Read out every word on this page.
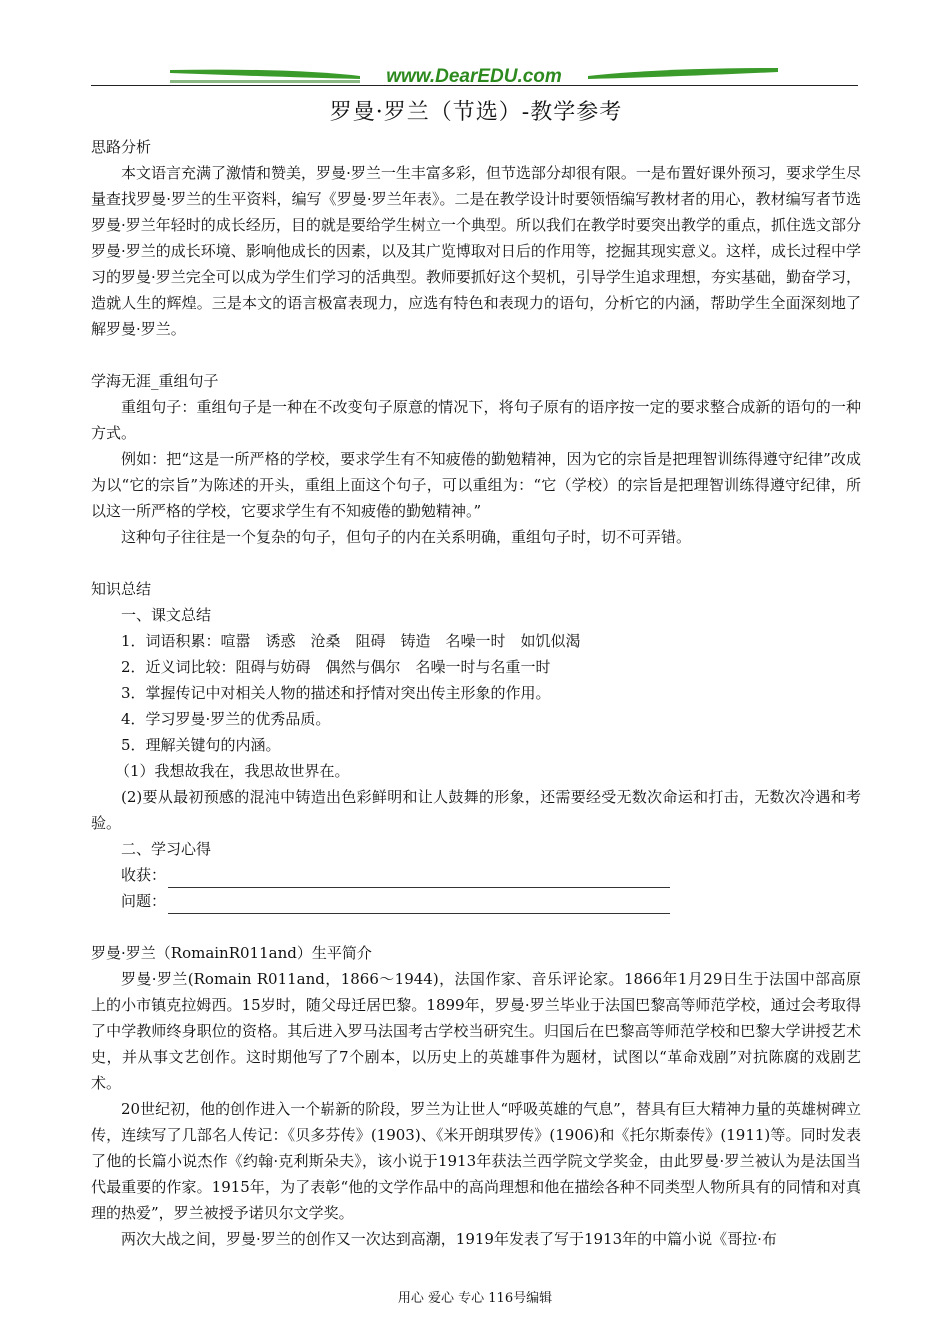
www.DearEDU.com
罗曼·罗兰（节选）-教学参考
思路分析

本文语言充满了激情和赞美，罗曼·罗兰一生丰富多彩，但节选部分却很有限。一是布置好课外预习，要求学生尽量查找罗曼·罗兰的生平资料，编写《罗曼·罗兰年表》。二是在教学设计时要领悟编写教材者的用心，教材编写者节选罗曼·罗兰年轻时的成长经历，目的就是要给学生树立一个典型。所以我们在教学时要突出教学的重点，抓住选文部分罗曼·罗兰的成长环境、影响他成长的因素，以及其广览博取对日后的作用等，挖掘其现实意义。这样，成长过程中学习的罗曼·罗兰完全可以成为学生们学习的活典型。教师要抓好这个契机，引导学生追求理想，夯实基础，勤奋学习，造就人生的辉煌。三是本文的语言极富表现力，应选有特色和表现力的语句，分析它的内涵，帮助学生全面深刻地了解罗曼·罗兰。

学海无涯_重组句子

重组句子：重组句子是一种在不改变句子原意的情况下，将句子原有的语序按一定的要求整合成新的语句的一种方式。

例如：把“这是一所严格的学校，要求学生有不知疲倦的勤勉精神，因为它的宗旨是把理智训练得遵守纪律”改成为以“它的宗旨”为陈述的开头，重组上面这个句子，可以重组为：“它（学校）的宗旨是把理智训练得遵守纪律，所以这一所严格的学校，它要求学生有不知疲倦的勤勉精神。”

这种句子往往是一个复杂的句子，但句子的内在关系明确，重组句子时，切不可弄错。

知识总结
一、课文总结
1．词语积累：喧嚣　诱惑　沧桑　阻碍　铸造　名噪一时　如饥似渴
2．近义词比较：阻碍与妨碍　偶然与偶尔　名噪一时与名重一时
3．掌握传记中对相关人物的描述和抒情对突出传主形象的作用。
4．学习罗曼·罗兰的优秀品质。
5．理解关键句的内涵。
（1）我想故我在，我思故世界在。

(2)要从最初预感的混沌中铸造出色彩鲜明和让人鼓舞的形象，还需要经受无数次命运和打击，无数次冷遇和考验。

二、学习心得
收获：
问题：
罗曼·罗兰（RomainR011and）生平简介

罗曼·罗兰(Romain R011and，1866～1944)，法国作家、音乐评论家。1866年1月29日生于法国中部高原上的小市镇克拉姆西。15岁时，随父母迁居巴黎。1899年，罗曼·罗兰毕业于法国巴黎高等师范学校，通过会考取得了中学教师终身职位的资格。其后进入罗马法国考古学校当研究生。归国后在巴黎高等师范学校和巴黎大学讲授艺术史，并从事文艺创作。这时期他写了7个剧本，以历史上的英雄事件为题材，试图以“革命戏剧”对抗陈腐的戏剧艺术。

20世纪初，他的创作进入一个崭新的阶段，罗兰为让世人“呼吸英雄的气息”，替具有巨大精神力量的英雄树碑立传，连续写了几部名人传记：《贝多芬传》(1903)、《米开朗琪罗传》(1906)和《托尔斯泰传》(1911)等。同时发表了他的长篇小说杰作《约翰·克利斯朵夫》，该小说于1913年获法兰西学院文学奖金，由此罗曼·罗兰被认为是法国当代最重要的作家。1915年，为了表彰“他的文学作品中的高尚理想和他在描绘各种不同类型人物所具有的同情和对真理的热爱”，罗兰被授予诺贝尔文学奖。

两次大战之间，罗曼·罗兰的创作又一次达到高潮，1919年发表了写于1913年的中篇小说《哥拉·布

用心 爱心 专心 116号编辑
